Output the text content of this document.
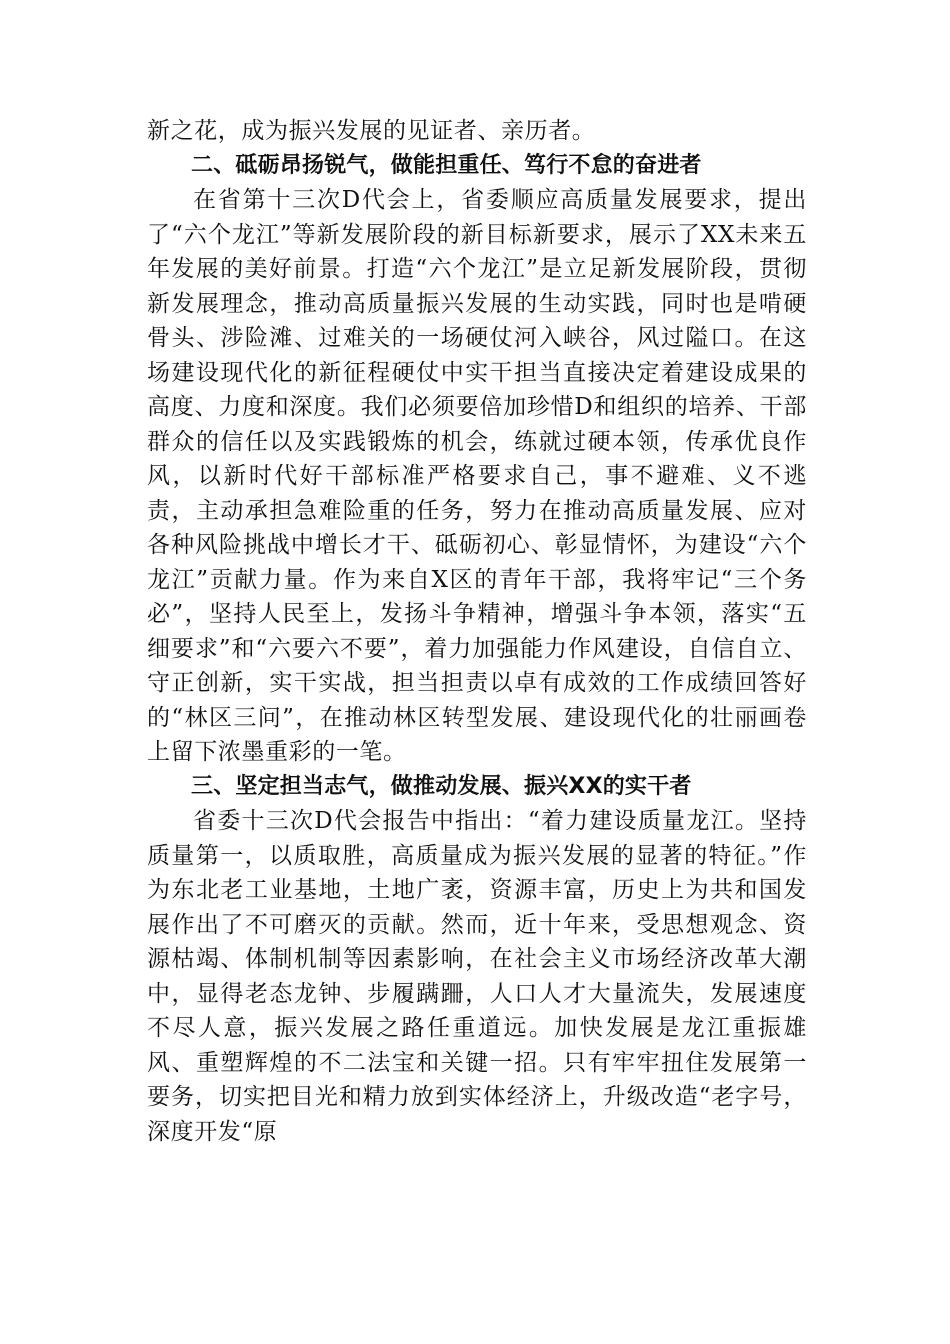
新之花，成为振兴发展的见证者、亲历者。

二、砥砺昂扬锐气，做能担重任、笃行不怠的奋进者

在省第十三次D代会上，省委顺应高质量发展要求，提出了“六个龙江”等新发展阶段的新目标新要求，展示了XX未来五年发展的美好前景。打造“六个龙江”是立足新发展阶段，贯彻新发展理念，推动高质量振兴发展的生动实践，同时也是啃硬骨头、涉险滩、过难关的一场硬仗河入峡谷，风过隘口。在这场建设现代化的新征程硬仗中实干担当直接决定着建设成果的高度、力度和深度。我们必须要倍加珍惜D和组织的培养、干部群众的信任以及实践锻炼的机会，练就过硬本领，传承优良作风，以新时代好干部标准严格要求自己，事不避难、义不逃责，主动承担急难险重的任务，努力在推动高质量发展、应对各种风险挑战中增长才干、砥砺初心、彰显情怀，为建设“六个龙江”贡献力量。作为来自X区的青年干部，我将牢记“三个务必”，坚持人民至上，发扬斗争精神，增强斗争本领，落实“五细要求”和“六要六不要”，着力加强能力作风建设，自信自立、守正创新，实干实战，担当担责以卓有成效的工作成绩回答好的“林区三问”，在推动林区转型发展、建设现代化的壮丽画卷上留下浓墨重彩的一笔。

三、坚定担当志气，做推动发展、振兴XX的实干者

省委十三次D代会报告中指出：“着力建设质量龙江。坚持质量第一，以质取胜，高质量成为振兴发展的显著的特征。”作为东北老工业基地，土地广袤，资源丰富，历史上为共和国发展作出了不可磨灭的贡献。然而，近十年来，受思想观念、资源枯竭、体制机制等因素影响，在社会主义市场经济改革大潮中，显得老态龙钟、步履蹒跚，人口人才大量流失，发展速度不尽人意，振兴发展之路任重道远。加快发展是龙江重振雄风、重塑辉煌的不二法宝和关键一招。只有牢牢扭住发展第一要务，切实把目光和精力放到实体经济上，升级改造“老字号，深度开发“原
